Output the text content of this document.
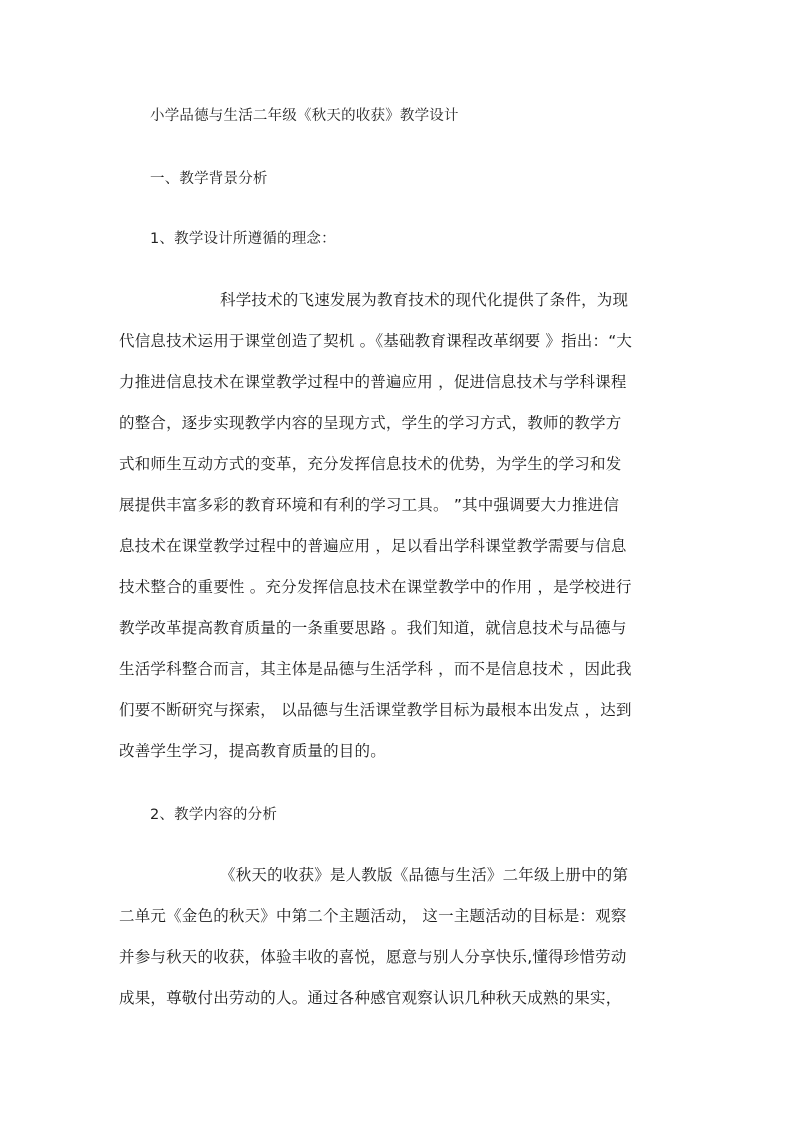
小学品德与生活二年级《秋天的收获》教学设计
一、教学背景分析
1、教学设计所遵循的理念：
科学技术的飞速发展为教育技术的现代化提供了条件，为现
代信息技术运用于课堂创造了契机 。《基础教育课程改革纲要 》指出：“大
力推进信息技术在课堂教学过程中的普遍应用 ，促进信息技术与学科课程
的整合，逐步实现教学内容的呈现方式，学生的学习方式，教师的教学方
式和师生互动方式的变革，充分发挥信息技术的优势，为学生的学习和发
展提供丰富多彩的教育环境和有利的学习工具。 ”其中强调要大力推进信
息技术在课堂教学过程中的普遍应用 ，足以看出学科课堂教学需要与信息
技术整合的重要性 。充分发挥信息技术在课堂教学中的作用 ，是学校进行
教学改革提高教育质量的一条重要思路 。我们知道，就信息技术与品德与
生活学科整合而言，其主体是品德与生活学科 ，而不是信息技术 ，因此我
们要不断研究与探索， 以品德与生活课堂教学目标为最根本出发点 ，达到
改善学生学习，提高教育质量的目的。
2、教学内容的分析
《秋天的收获》是人教版《品德与生活》二年级上册中的第
二单元《金色的秋天》中第二个主题活动， 这一主题活动的目标是：观察
并参与秋天的收获，体验丰收的喜悦，愿意与别人分享快乐,懂得珍惜劳动
成果，尊敬付出劳动的人。通过各种感官观察认识几种秋天成熟的果实，
